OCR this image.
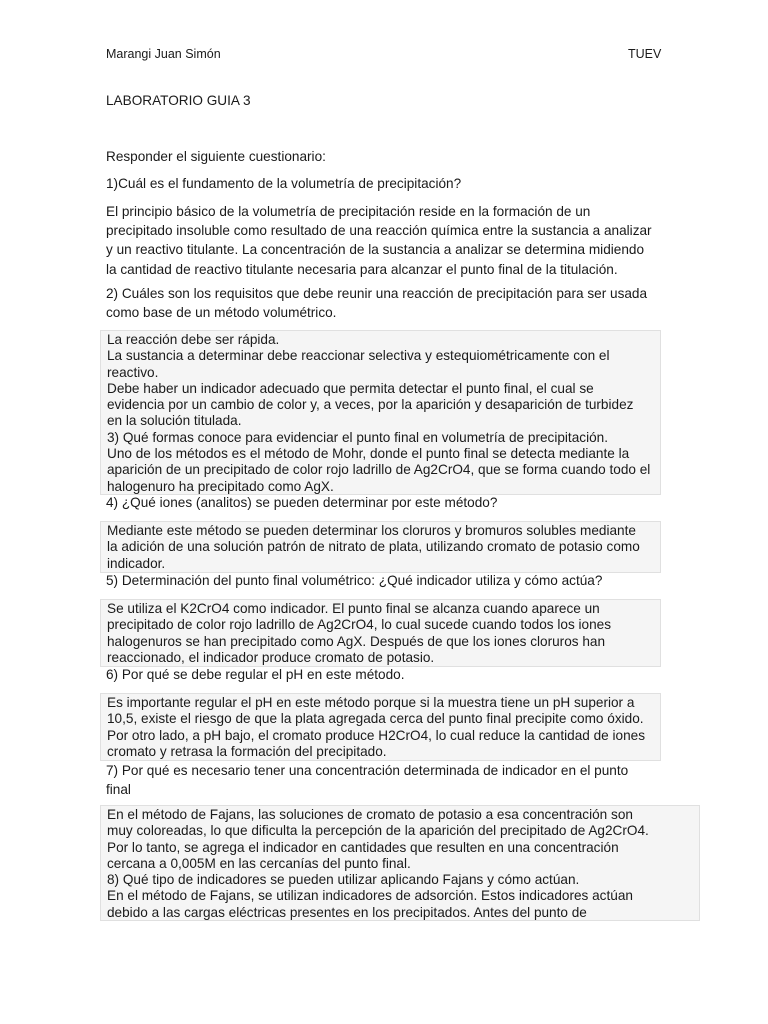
Marangi Juan Simón	TUEV

LABORATORIO GUIA 3

Responder el siguiente cuestionario:

1)Cuál es el fundamento de la volumetría de precipitación?

El principio básico de la volumetría de precipitación reside en la formación de un
precipitado insoluble como resultado de una reacción química entre la sustancia a analizar
y un reactivo titulante. La concentración de la sustancia a analizar se determina midiendo
la cantidad de reactivo titulante necesaria para alcanzar el punto final de la titulación.
2) Cuáles son los requisitos que debe reunir una reacción de precipitación para ser usada
como base de un método volumétrico.

La reacción debe ser rápida.

La sustancia a determinar debe reaccionar selectiva y estequiométricamente con el

reactivo.

Debe haber un indicador adecuado que permita detectar el punto final, el cual se

evidencia por un cambio de color y, a veces, por la aparición y desaparición de turbidez

en la solución titulada.

3) Qué formas conoce para evidenciar el punto final en volumetría de precipitación.

Uno de los métodos es el método de Mohr, donde el punto final se detecta mediante la

aparición de un precipitado de color rojo ladrillo de Ag2CrO4, que se forma cuando todo el

halogenuro ha precipitado como AgX.

4) ¿Qué iones (analitos) se pueden determinar por este método?

Mediante este método se pueden determinar los cloruros y bromuros solubles mediante

la adición de una solución patrón de nitrato de plata, utilizando cromato de potasio como

indicador.

5) Determinación del punto final volumétrico: ¿Qué indicador utiliza y cómo actúa?

Se utiliza el K2CrO4 como indicador. El punto final se alcanza cuando aparece un

precipitado de color rojo ladrillo de Ag2CrO4, lo cual sucede cuando todos los iones

halogenuros se han precipitado como AgX. Después de que los iones cloruros han

reaccionado, el indicador produce cromato de potasio.

6) Por qué se debe regular el pH en este método.

Es importante regular el pH en este método porque si la muestra tiene un pH superior a

10,5, existe el riesgo de que la plata agregada cerca del punto final precipite como óxido.

Por otro lado, a pH bajo, el cromato produce H2CrO4, lo cual reduce la cantidad de iones

cromato y retrasa la formación del precipitado.

7) Por qué es necesario tener una concentración determinada de indicador en el punto
final

En el método de Fajans, las soluciones de cromato de potasio a esa concentración son

muy coloreadas, lo que dificulta la percepción de la aparición del precipitado de Ag2CrO4.

Por lo tanto, se agrega el indicador en cantidades que resulten en una concentración

cercana a 0,005M en las cercanías del punto final.

8) Qué tipo de indicadores se pueden utilizar aplicando Fajans y cómo actúan.

En el método de Fajans, se utilizan indicadores de adsorción. Estos indicadores actúan

debido a las cargas eléctricas presentes en los precipitados. Antes del punto de
